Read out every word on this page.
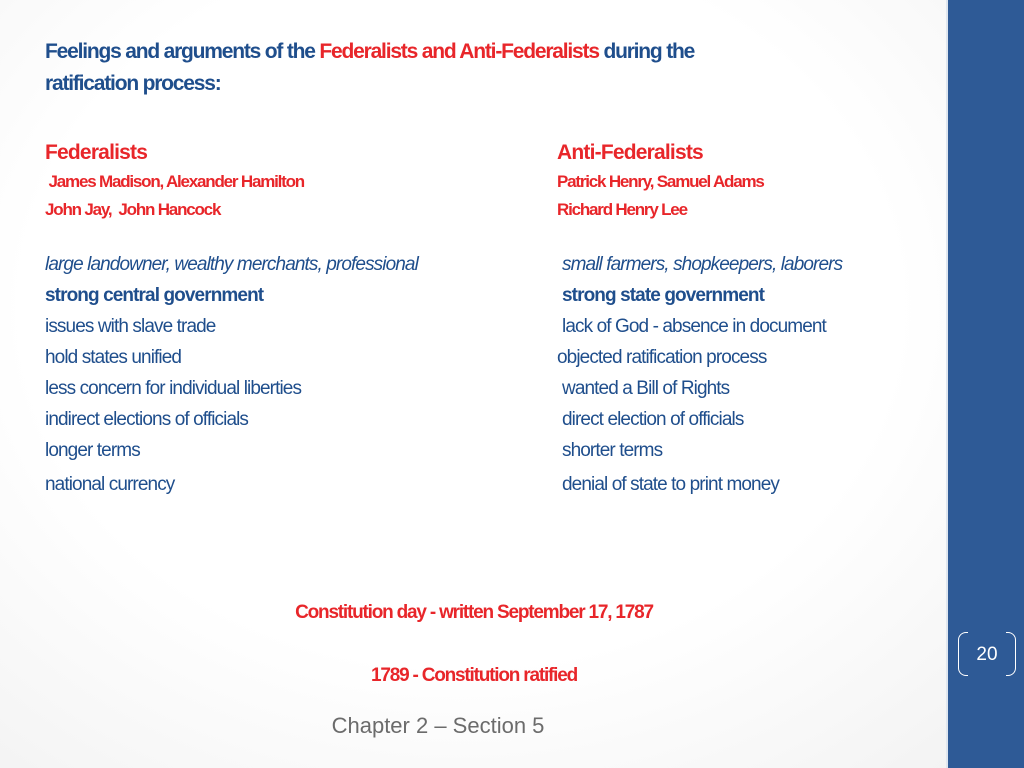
20
Feelings and arguments of the Federalists and Anti-Federalists during the
ratification process:
Federalists
James Madison, Alexander Hamilton
John Jay,  John Hancock
large landowner, wealthy merchants, professional
strong central government
issues with slave trade
hold states unified
less concern for individual liberties
indirect elections of officials
longer terms
national currency
Anti-Federalists
Patrick Henry, Samuel Adams
Richard Henry Lee
small farmers, shopkeepers, laborers
strong state government
lack of God - absence in document
objected ratification process
wanted a Bill of Rights
direct election of officials
shorter terms
denial of state to print money
Constitution day - written September 17, 1787
1789 - Constitution ratified
Chapter 2 – Section 5
